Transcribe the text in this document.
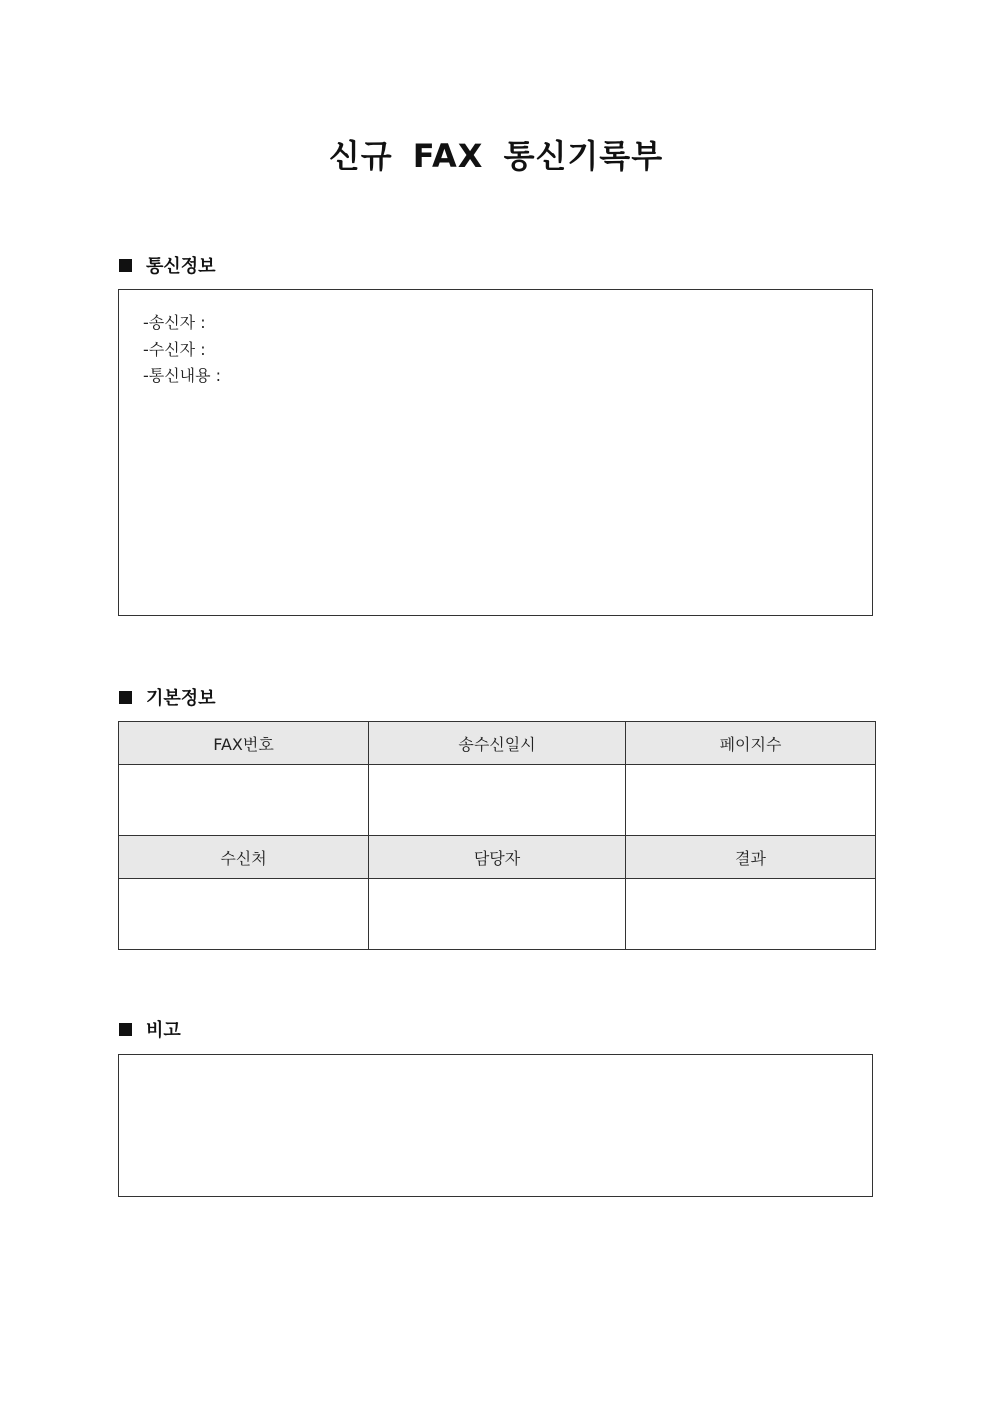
신규 FAX 통신기록부
통신정보
-송신자 :
-수신자 :
-통신내용 :
기본정보
FAX번호	송수신일시	페이지수

수신처	담당자	결과

비고
